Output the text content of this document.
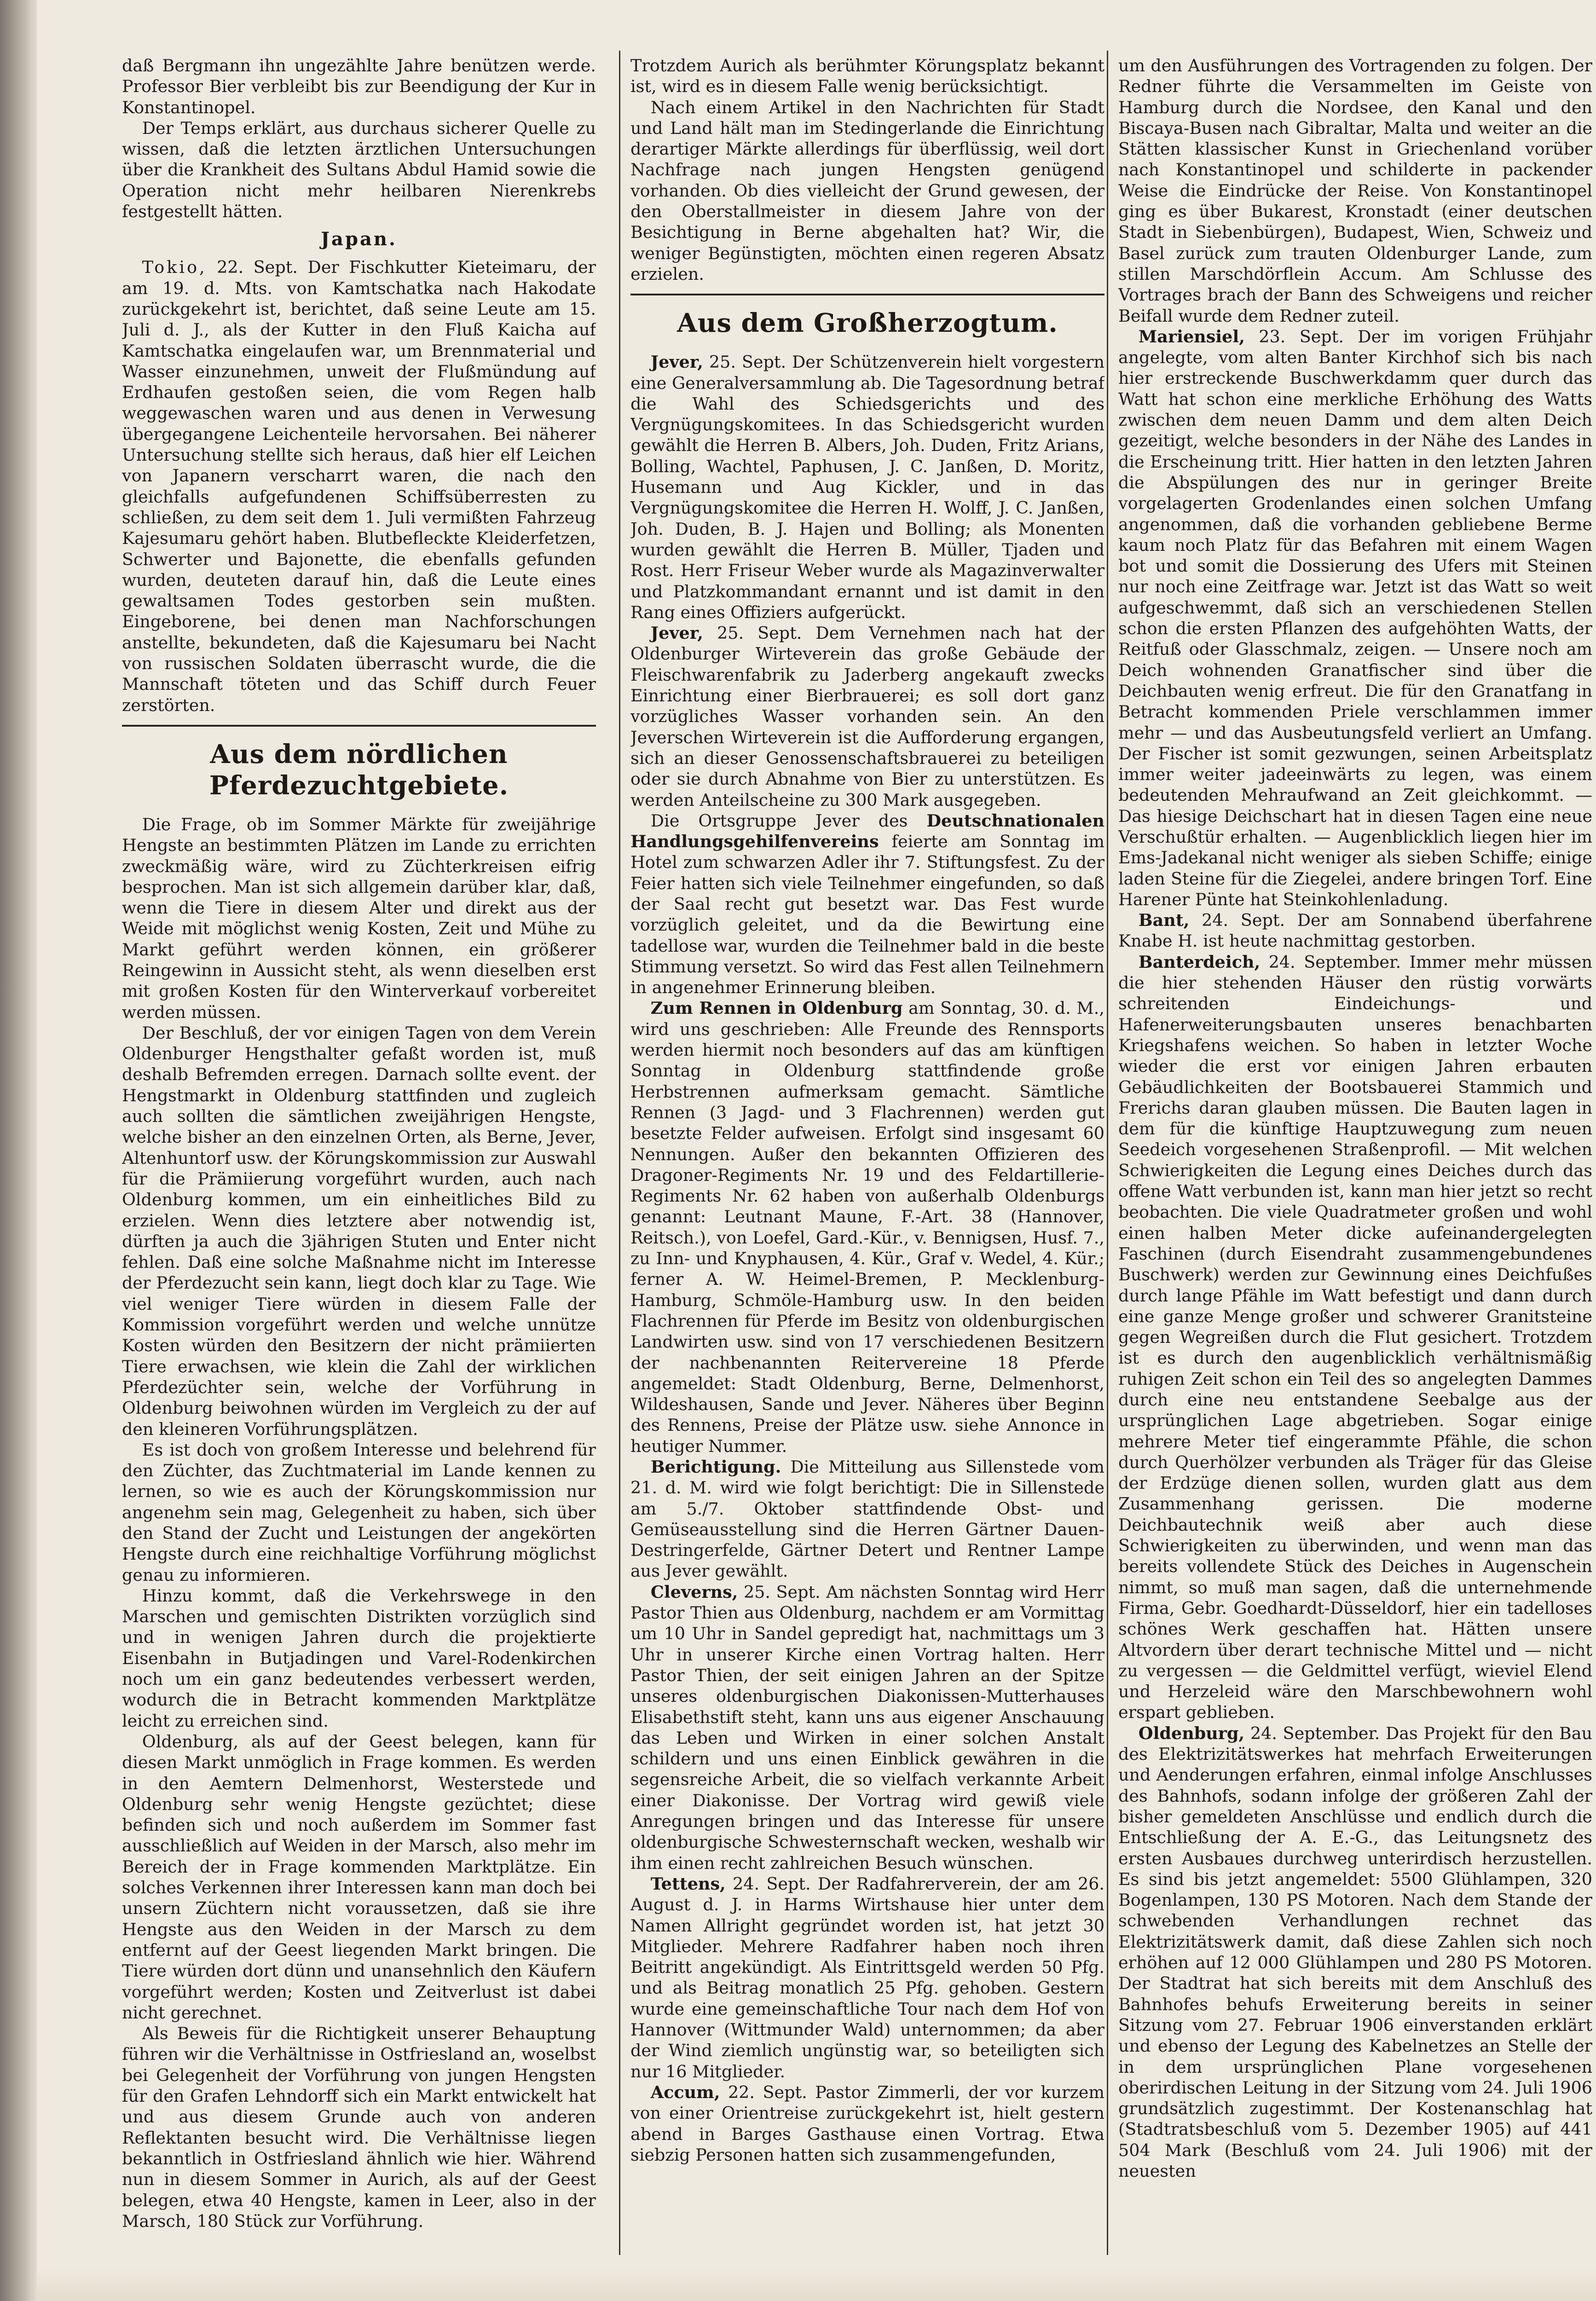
daß Bergmann ihn ungezählte Jahre benützen werde. Professor Bier verbleibt bis zur Beendigung der Kur in Konstantinopel.

Der Temps erklärt, aus durchaus sicherer Quelle zu wissen, daß die letzten ärztlichen Untersuchungen über die Krankheit des Sultans Abdul Hamid sowie die Operation nicht mehr heilbaren Nierenkrebs festgestellt hätten.

Japan.

Tokio, 22. Sept. Der Fischkutter Kieteimaru, der am 19. d. Mts. von Kamtschatka nach Hakodate zurückgekehrt ist, berichtet, daß seine Leute am 15. Juli d. J., als der Kutter in den Fluß Kaicha auf Kamtschatka eingelaufen war, um Brennmaterial und Wasser einzunehmen, unweit der Flußmündung auf Erdhaufen gestoßen seien, die vom Regen halb weggewaschen waren und aus denen in Verwesung übergegangene Leichenteile hervorsahen. Bei näherer Untersuchung stellte sich heraus, daß hier elf Leichen von Japanern verscharrt waren, die nach den gleichfalls aufgefundenen Schiffsüberresten zu schließen, zu dem seit dem 1. Juli vermißten Fahrzeug Kajesumaru gehört haben. Blutbefleckte Kleiderfetzen, Schwerter und Bajonette, die ebenfalls gefunden wurden, deuteten darauf hin, daß die Leute eines gewaltsamen Todes gestorben sein mußten. Eingeborene, bei denen man Nachforschungen anstellte, bekundeten, daß die Kajesumaru bei Nacht von russischen Soldaten überrascht wurde, die die Mannschaft töteten und das Schiff durch Feuer zerstörten.

Aus dem nördlichen Pferdezuchtgebiete.

Die Frage, ob im Sommer Märkte für zweijährige Hengste an bestimmten Plätzen im Lande zu errichten zweckmäßig wäre, wird zu Züchterkreisen eifrig besprochen. Man ist sich allgemein darüber klar, daß, wenn die Tiere in diesem Alter und direkt aus der Weide mit möglichst wenig Kosten, Zeit und Mühe zu Markt geführt werden können, ein größerer Reingewinn in Aussicht steht, als wenn dieselben erst mit großen Kosten für den Winterverkauf vorbereitet werden müssen.

Der Beschluß, der vor einigen Tagen von dem Verein Oldenburger Hengsthalter gefaßt worden ist, muß deshalb Befremden erregen. Darnach sollte event. der Hengstmarkt in Oldenburg stattfinden und zugleich auch sollten die sämtlichen zweijährigen Hengste, welche bisher an den einzelnen Orten, als Berne, Jever, Altenhuntorf usw. der Körungskommission zur Auswahl für die Prämiierung vorgeführt wurden, auch nach Oldenburg kommen, um ein einheitliches Bild zu erzielen. Wenn dies letztere aber notwendig ist, dürften ja auch die 3jährigen Stuten und Enter nicht fehlen. Daß eine solche Maßnahme nicht im Interesse der Pferdezucht sein kann, liegt doch klar zu Tage. Wie viel weniger Tiere würden in diesem Falle der Kommission vorgeführt werden und welche unnütze Kosten würden den Besitzern der nicht prämiierten Tiere erwachsen, wie klein die Zahl der wirklichen Pferdezüchter sein, welche der Vorführung in Oldenburg beiwohnen würden im Vergleich zu der auf den kleineren Vorführungsplätzen.

Es ist doch von großem Interesse und belehrend für den Züchter, das Zuchtmaterial im Lande kennen zu lernen, so wie es auch der Körungskommission nur angenehm sein mag, Gelegenheit zu haben, sich über den Stand der Zucht und Leistungen der angekörten Hengste durch eine reichhaltige Vorführung möglichst genau zu informieren.

Hinzu kommt, daß die Verkehrswege in den Marschen und gemischten Distrikten vorzüglich sind und in wenigen Jahren durch die projektierte Eisenbahn in Butjadingen und Varel-Rodenkirchen noch um ein ganz bedeutendes verbessert werden, wodurch die in Betracht kommenden Marktplätze leicht zu erreichen sind.

Oldenburg, als auf der Geest belegen, kann für diesen Markt unmöglich in Frage kommen. Es werden in den Aemtern Delmenhorst, Westerstede und Oldenburg sehr wenig Hengste gezüchtet; diese befinden sich und noch außerdem im Sommer fast ausschließlich auf Weiden in der Marsch, also mehr im Bereich der in Frage kommenden Marktplätze. Ein solches Verkennen ihrer Interessen kann man doch bei unsern Züchtern nicht voraussetzen, daß sie ihre Hengste aus den Weiden in der Marsch zu dem entfernt auf der Geest liegenden Markt bringen. Die Tiere würden dort dünn und unansehnlich den Käufern vorgeführt werden; Kosten und Zeitverlust ist dabei nicht gerechnet.

Als Beweis für die Richtigkeit unserer Behauptung führen wir die Verhältnisse in Ostfriesland an, woselbst bei Gelegenheit der Vorführung von jungen Hengsten für den Grafen Lehndorff sich ein Markt entwickelt hat und aus diesem Grunde auch von anderen Reflektanten besucht wird. Die Verhältnisse liegen bekanntlich in Ostfriesland ähnlich wie hier. Während nun in diesem Sommer in Aurich, als auf der Geest belegen, etwa 40 Hengste, kamen in Leer, also in der Marsch, 180 Stück zur Vorführung.

Trotzdem Aurich als berühmter Körungsplatz bekannt ist, wird es in diesem Falle wenig berücksichtigt.

Nach einem Artikel in den Nachrichten für Stadt und Land hält man im Stedingerlande die Einrichtung derartiger Märkte allerdings für überflüssig, weil dort Nachfrage nach jungen Hengsten genügend vorhanden. Ob dies vielleicht der Grund gewesen, der den Oberstallmeister in diesem Jahre von der Besichtigung in Berne abgehalten hat? Wir, die weniger Begünstigten, möchten einen regeren Absatz erzielen.

Aus dem Großherzogtum.

Jever, 25. Sept. Der Schützenverein hielt vorgestern eine Generalversammlung ab. Die Tagesordnung betraf die Wahl des Schiedsgerichts und des Vergnügungskomitees. In das Schiedsgericht wurden gewählt die Herren B. Albers, Joh. Duden, Fritz Arians, Bolling, Wachtel, Paphusen, J. C. Janßen, D. Moritz, Husemann und Aug Kickler, und in das Vergnügungskomitee die Herren H. Wolff, J. C. Janßen, Joh. Duden, B. J. Hajen und Bolling; als Monenten wurden gewählt die Herren B. Müller, Tjaden und Rost. Herr Friseur Weber wurde als Magazinverwalter und Platzkommandant ernannt und ist damit in den Rang eines Offiziers aufgerückt.

Jever, 25. Sept. Dem Vernehmen nach hat der Oldenburger Wirteverein das große Gebäude der Fleischwarenfabrik zu Jaderberg angekauft zwecks Einrichtung einer Bierbrauerei; es soll dort ganz vorzügliches Wasser vorhanden sein. An den Jeverschen Wirteverein ist die Aufforderung ergangen, sich an dieser Genossenschaftsbrauerei zu beteiligen oder sie durch Abnahme von Bier zu unterstützen. Es werden Anteilscheine zu 300 Mark ausgegeben.

Die Ortsgruppe Jever des Deutschnationalen Handlungsgehilfenvereins feierte am Sonntag im Hotel zum schwarzen Adler ihr 7. Stiftungsfest. Zu der Feier hatten sich viele Teilnehmer eingefunden, so daß der Saal recht gut besetzt war. Das Fest wurde vorzüglich geleitet, und da die Bewirtung eine tadellose war, wurden die Teilnehmer bald in die beste Stimmung versetzt. So wird das Fest allen Teilnehmern in angenehmer Erinnerung bleiben.

Zum Rennen in Oldenburg am Sonntag, 30. d. M., wird uns geschrieben: Alle Freunde des Rennsports werden hiermit noch besonders auf das am künftigen Sonntag in Oldenburg stattfindende große Herbstrennen aufmerksam gemacht. Sämtliche Rennen (3 Jagd- und 3 Flachrennen) werden gut besetzte Felder aufweisen. Erfolgt sind insgesamt 60 Nennungen. Außer den bekannten Offizieren des Dragoner-Regiments Nr. 19 und des Feldartillerie-Regiments Nr. 62 haben von außerhalb Oldenburgs genannt: Leutnant Maune, F.-Art. 38 (Hannover, Reitsch.), von Loefel, Gard.-Kür., v. Bennigsen, Husf. 7., zu Inn- und Knyphausen, 4. Kür., Graf v. Wedel, 4. Kür.; ferner A. W. Heimel-Bremen, P. Mecklenburg-Hamburg, Schmöle-Hamburg usw. In den beiden Flachrennen für Pferde im Besitz von oldenburgischen Landwirten usw. sind von 17 verschiedenen Besitzern der nachbenannten Reitervereine 18 Pferde angemeldet: Stadt Oldenburg, Berne, Delmenhorst, Wildeshausen, Sande und Jever. Näheres über Beginn des Rennens, Preise der Plätze usw. siehe Annonce in heutiger Nummer.

Berichtigung. Die Mitteilung aus Sillenstede vom 21. d. M. wird wie folgt berichtigt: Die in Sillenstede am 5./7. Oktober stattfindende Obst- und Gemüseausstellung sind die Herren Gärtner Dauen-Destringerfelde, Gärtner Detert und Rentner Lampe aus Jever gewählt.

Cleverns, 25. Sept. Am nächsten Sonntag wird Herr Pastor Thien aus Oldenburg, nachdem er am Vormittag um 10 Uhr in Sandel gepredigt hat, nachmittags um 3 Uhr in unserer Kirche einen Vortrag halten. Herr Pastor Thien, der seit einigen Jahren an der Spitze unseres oldenburgischen Diakonissen-Mutterhauses Elisabethstift steht, kann uns aus eigener Anschauung das Leben und Wirken in einer solchen Anstalt schildern und uns einen Einblick gewähren in die segensreiche Arbeit, die so vielfach verkannte Arbeit einer Diakonisse. Der Vortrag wird gewiß viele Anregungen bringen und das Interesse für unsere oldenburgische Schwesternschaft wecken, weshalb wir ihm einen recht zahlreichen Besuch wünschen.

Tettens, 24. Sept. Der Radfahrerverein, der am 26. August d. J. in Harms Wirtshause hier unter dem Namen Allright gegründet worden ist, hat jetzt 30 Mitglieder. Mehrere Radfahrer haben noch ihren Beitritt angekündigt. Als Eintrittsgeld werden 50 Pfg. und als Beitrag monatlich 25 Pfg. gehoben. Gestern wurde eine gemeinschaftliche Tour nach dem Hof von Hannover (Wittmunder Wald) unternommen; da aber der Wind ziemlich ungünstig war, so beteiligten sich nur 16 Mitglieder.

Accum, 22. Sept. Pastor Zimmerli, der vor kurzem von einer Orientreise zurückgekehrt ist, hielt gestern abend in Barges Gasthause einen Vortrag. Etwa siebzig Personen hatten sich zusammengefunden,

um den Ausführungen des Vortragenden zu folgen. Der Redner führte die Versammelten im Geiste von Hamburg durch die Nordsee, den Kanal und den Biscaya-Busen nach Gibraltar, Malta und weiter an die Stätten klassischer Kunst in Griechenland vorüber nach Konstantinopel und schilderte in packender Weise die Eindrücke der Reise. Von Konstantinopel ging es über Bukarest, Kronstadt (einer deutschen Stadt in Siebenbürgen), Budapest, Wien, Schweiz und Basel zurück zum trauten Oldenburger Lande, zum stillen Marschdörflein Accum. Am Schlusse des Vortrages brach der Bann des Schweigens und reicher Beifall wurde dem Redner zuteil.

Mariensiel, 23. Sept. Der im vorigen Frühjahr angelegte, vom alten Banter Kirchhof sich bis nach hier erstreckende Buschwerkdamm quer durch das Watt hat schon eine merkliche Erhöhung des Watts zwischen dem neuen Damm und dem alten Deich gezeitigt, welche besonders in der Nähe des Landes in die Erscheinung tritt. Hier hatten in den letzten Jahren die Abspülungen des nur in geringer Breite vorgelagerten Grodenlandes einen solchen Umfang angenommen, daß die vorhanden gebliebene Berme kaum noch Platz für das Befahren mit einem Wagen bot und somit die Dossierung des Ufers mit Steinen nur noch eine Zeitfrage war. Jetzt ist das Watt so weit aufgeschwemmt, daß sich an verschiedenen Stellen schon die ersten Pflanzen des aufgehöhten Watts, der Reitfuß oder Glasschmalz, zeigen. — Unsere noch am Deich wohnenden Granatfischer sind über die Deichbauten wenig erfreut. Die für den Granatfang in Betracht kommenden Priele verschlammen immer mehr — und das Ausbeutungsfeld verliert an Umfang. Der Fischer ist somit gezwungen, seinen Arbeitsplatz immer weiter jadeeinwärts zu legen, was einem bedeutenden Mehraufwand an Zeit gleichkommt. — Das hiesige Deichschart hat in diesen Tagen eine neue Verschußtür erhalten. — Augenblicklich liegen hier im Ems-Jadekanal nicht weniger als sieben Schiffe; einige laden Steine für die Ziegelei, andere bringen Torf. Eine Harener Pünte hat Steinkohlenladung.

Bant, 24. Sept. Der am Sonnabend überfahrene Knabe H. ist heute nachmittag gestorben.

Banterdeich, 24. September. Immer mehr müssen die hier stehenden Häuser den rüstig vorwärts schreitenden Eindeichungs- und Hafenerweiterungsbauten unseres benachbarten Kriegshafens weichen. So haben in letzter Woche wieder die erst vor einigen Jahren erbauten Gebäudlichkeiten der Bootsbauerei Stammich und Frerichs daran glauben müssen. Die Bauten lagen in dem für die künftige Hauptzuwegung zum neuen Seedeich vorgesehenen Straßenprofil. — Mit welchen Schwierigkeiten die Legung eines Deiches durch das offene Watt verbunden ist, kann man hier jetzt so recht beobachten. Die viele Quadratmeter großen und wohl einen halben Meter dicke aufeinandergelegten Faschinen (durch Eisendraht zusammengebundenes Buschwerk) werden zur Gewinnung eines Deichfußes durch lange Pfähle im Watt befestigt und dann durch eine ganze Menge großer und schwerer Granitsteine gegen Wegreißen durch die Flut gesichert. Trotzdem ist es durch den augenblicklich verhältnismäßig ruhigen Zeit schon ein Teil des so angelegten Dammes durch eine neu entstandene Seebalge aus der ursprünglichen Lage abgetrieben. Sogar einige mehrere Meter tief eingerammte Pfähle, die schon durch Querhölzer verbunden als Träger für das Gleise der Erdzüge dienen sollen, wurden glatt aus dem Zusammenhang gerissen. Die moderne Deichbautechnik weiß aber auch diese Schwierigkeiten zu überwinden, und wenn man das bereits vollendete Stück des Deiches in Augenschein nimmt, so muß man sagen, daß die unternehmende Firma, Gebr. Goedhardt-Düsseldorf, hier ein tadelloses schönes Werk geschaffen hat. Hätten unsere Altvordern über derart technische Mittel und — nicht zu vergessen — die Geldmittel verfügt, wieviel Elend und Herzeleid wäre den Marschbewohnern wohl erspart geblieben.

Oldenburg, 24. September. Das Projekt für den Bau des Elektrizitätswerkes hat mehrfach Erweiterungen und Aenderungen erfahren, einmal infolge Anschlusses des Bahnhofs, sodann infolge der größeren Zahl der bisher gemeldeten Anschlüsse und endlich durch die Entschließung der A. E.-G., das Leitungsnetz des ersten Ausbaues durchweg unterirdisch herzustellen. Es sind bis jetzt angemeldet: 5500 Glühlampen, 320 Bogenlampen, 130 PS Motoren. Nach dem Stande der schwebenden Verhandlungen rechnet das Elektrizitätswerk damit, daß diese Zahlen sich noch erhöhen auf 12 000 Glühlampen und 280 PS Motoren. Der Stadtrat hat sich bereits mit dem Anschluß des Bahnhofes behufs Erweiterung bereits in seiner Sitzung vom 27. Februar 1906 einverstanden erklärt und ebenso der Legung des Kabelnetzes an Stelle der in dem ursprünglichen Plane vorgesehenen oberirdischen Leitung in der Sitzung vom 24. Juli 1906 grundsätzlich zugestimmt. Der Kostenanschlag hat (Stadtratsbeschluß vom 5. Dezember 1905) auf 441 504 Mark (Beschluß vom 24. Juli 1906) mit der neuesten
